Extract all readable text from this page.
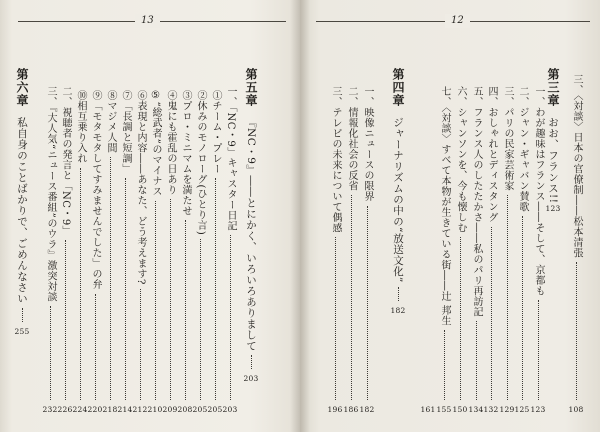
13	12
三、〈対談〉日本の官僚制――松本清張
108
第三章
おお、フランス!!
123
一、わが趣味はフランス――そして、京都も
123
二、ジャン・ギャバン賛歌
125
三、パリの民家芸術家
129
四、おしゃれとディスタング
132
五、フランス人のしたたかさ――私のパリ再訪記
134
六、シャンソンを、今も懐しむ
150
七、〈対談〉すべて本物が生きている街――辻 邦生
155
161
第四章
ジャーナリズムの中の“放送文化”
182
一、映像ニュースの限界
182
二、情報化社会の反省
186
三、テレビの未来について偶感
196
第五章
『NC・9』――とにかく、いろいろありまして
203
一、「NC・9」キャスター日記
203
①チーム・プレー
205
②休みのモノローグ(ひとり言)
205
③プロ・ミニマムを満たせ
208
④鬼にも霍乱の日あり
209
⑤“総武者”のマイナス
210
⑥表現と内容――あなた、どう考えます?
212
⑦「長調と短調」
214
⑧マジメ人間
218
⑨「モタモタしてすみませんでした」の弁
220
⑩相互乗り入れ
224
二、視聴者の発言と「NC・9」
226
三、『大人気“ニュース番組”のウラ』激突対談
232
第六章
私自身のことばかりで、ごめんなさい
255
